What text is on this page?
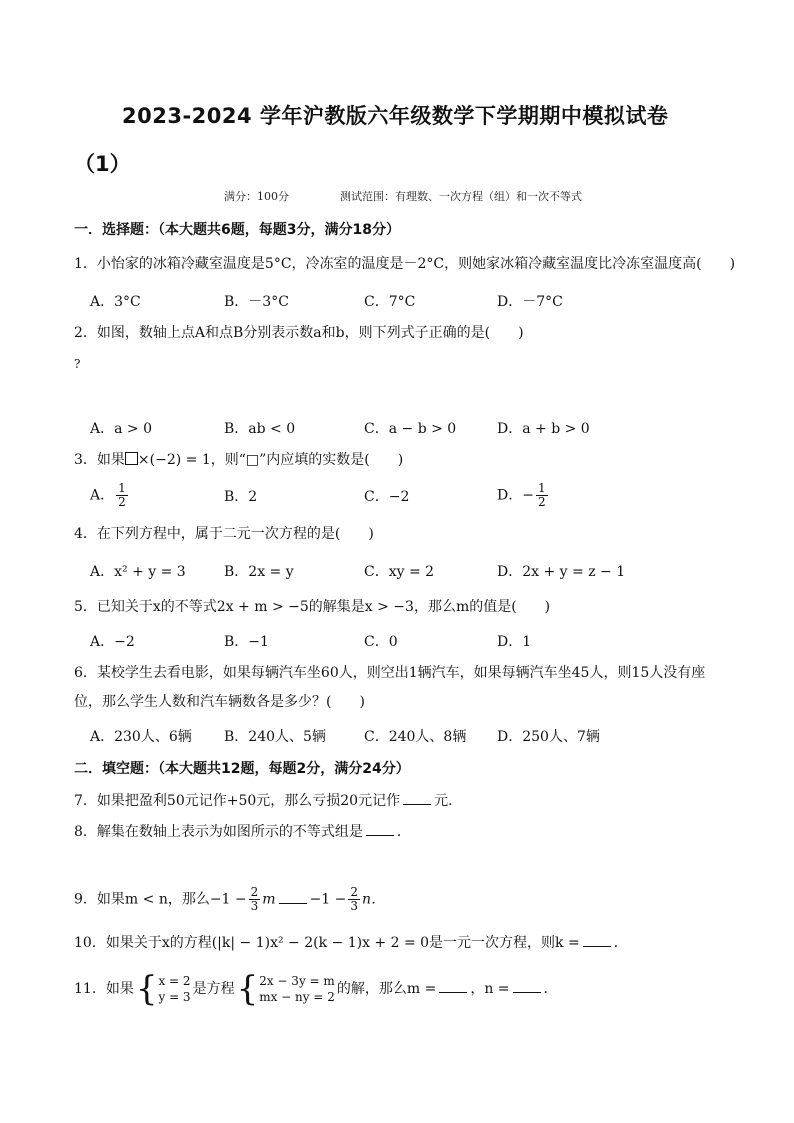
2023-2024 学年沪教版六年级数学下学期期中模拟试卷
（1）
满分：100分	测试范围：有理数、一次方程（组）和一次不等式
一．选择题：（本大题共6题，每题3分，满分18分）
1．小怡家的冰箱冷藏室温度是5°C，冷冻室的温度是－2°C，则她家冰箱冷藏室温度比冷冻室温度高(　　)
A．3°C	B．－3°C	C．7°C	D．－7°C
2．如图，数轴上点A和点B分别表示数a和b，则下列式子正确的是(　　)
?
A．a > 0	B．ab < 0	C．a − b > 0	D．a + b > 0
3．如果 ×(−2) = 1，则“□”内应填的实数是(　　)
A． $\frac{1}{2}$	B．2	C．−2	D．− $\frac{1}{2}$
4．在下列方程中，属于二元一次方程的是(　　)
A．x² + y = 3	B．2x = y	C．xy = 2	D．2x + y = z − 1
5．已知关于x的不等式2x + m > −5的解集是x > −3，那么m的值是(　　)
A．−2	B．−1	C．0	D．1
6．某校学生去看电影，如果每辆汽车坐60人，则空出1辆汽车，如果每辆汽车坐45人，则15人没有座
位，那么学生人数和汽车辆数各是多少？(　　)
A．230人、6辆 B．240人、5辆	C．240人、8辆 D．250人、7辆
二．填空题：（本大题共12题，每题2分，满分24分）
7．如果把盈利50元记作+50元，那么亏损20元记作 元．
8．解集在数轴上表示为如图所示的不等式组是 ．
9．如果m < n，那么$-1 - \frac{2}{3}$ $m -1 - \frac{2}{3}$ n．
10．如果关于x的方程(|k| − 1)x² − 2(k − 1)x + 2 = 0是一元一次方程，则k = ．
11．如果 { x = 2
y = 3 是方程 { 2x − 3y = m
mx − ny = 2 的解，那么m = ，n = ．
